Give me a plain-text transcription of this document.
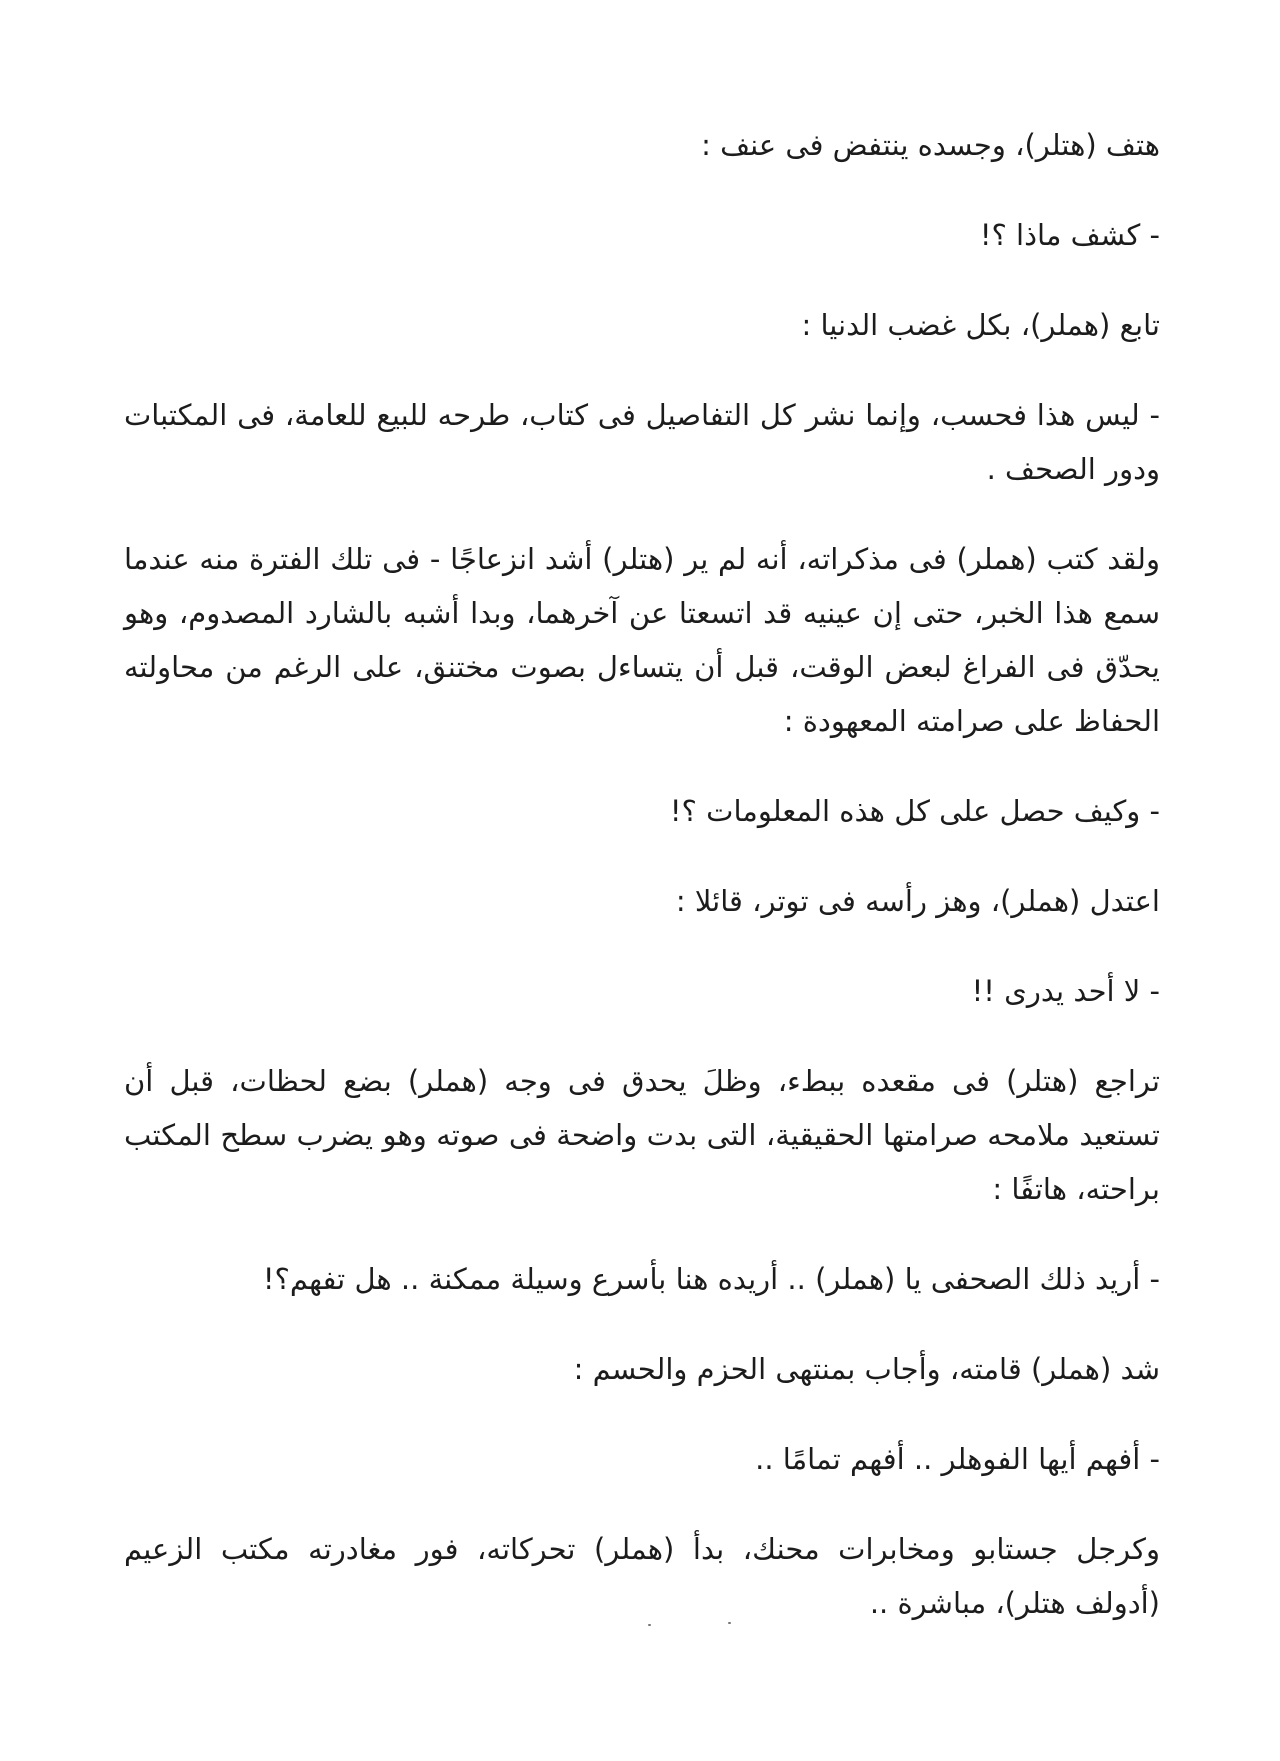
هتف (هتلر)، وجسده ينتفض فى عنف :

- كشف ماذا ؟!

تابع (هملر)، بكل غضب الدنيا :

- ليس هذا فحسب، وإنما نشر كل التفاصيل فى كتاب، طرحه للبيع للعامة، فى المكتبات ودور الصحف .

ولقد كتب (هملر) فى مذكراته، أنه لم ير (هتلر) أشد انزعاجًا - فى تلك الفترة منه عندما سمع هذا الخبر، حتى إن عينيه قد اتسعتا عن آخرهما، وبدا أشبه بالشارد المصدوم، وهو يحدّق فى الفراغ لبعض الوقت، قبل أن يتساءل بصوت مختنق، على الرغم من محاولته الحفاظ على صرامته المعهودة :

- وكيف حصل على كل هذه المعلومات ؟!

اعتدل (هملر)، وهز رأسه فى توتر، قائلا :

- لا أحد يدرى !!

تراجع (هتلر) فى مقعده ببطء، وظلَ يحدق فى وجه (هملر) بضع لحظات، قبل أن تستعيد ملامحه صرامتها الحقيقية، التى بدت واضحة فى صوته وهو يضرب سطح المكتب براحته، هاتفًا :

- أريد ذلك الصحفى يا (هملر) .. أريده هنا بأسرع وسيلة ممكنة .. هل تفهم؟!

شد (هملر) قامته، وأجاب بمنتهى الحزم والحسم :

- أفهم أيها الفوهلر .. أفهم تمامًا ..

وكرجل جستابو ومخابرات محنك، بدأ (هملر) تحركاته، فور مغادرته مكتب الزعيم (أدولف هتلر)، مباشرة ..
